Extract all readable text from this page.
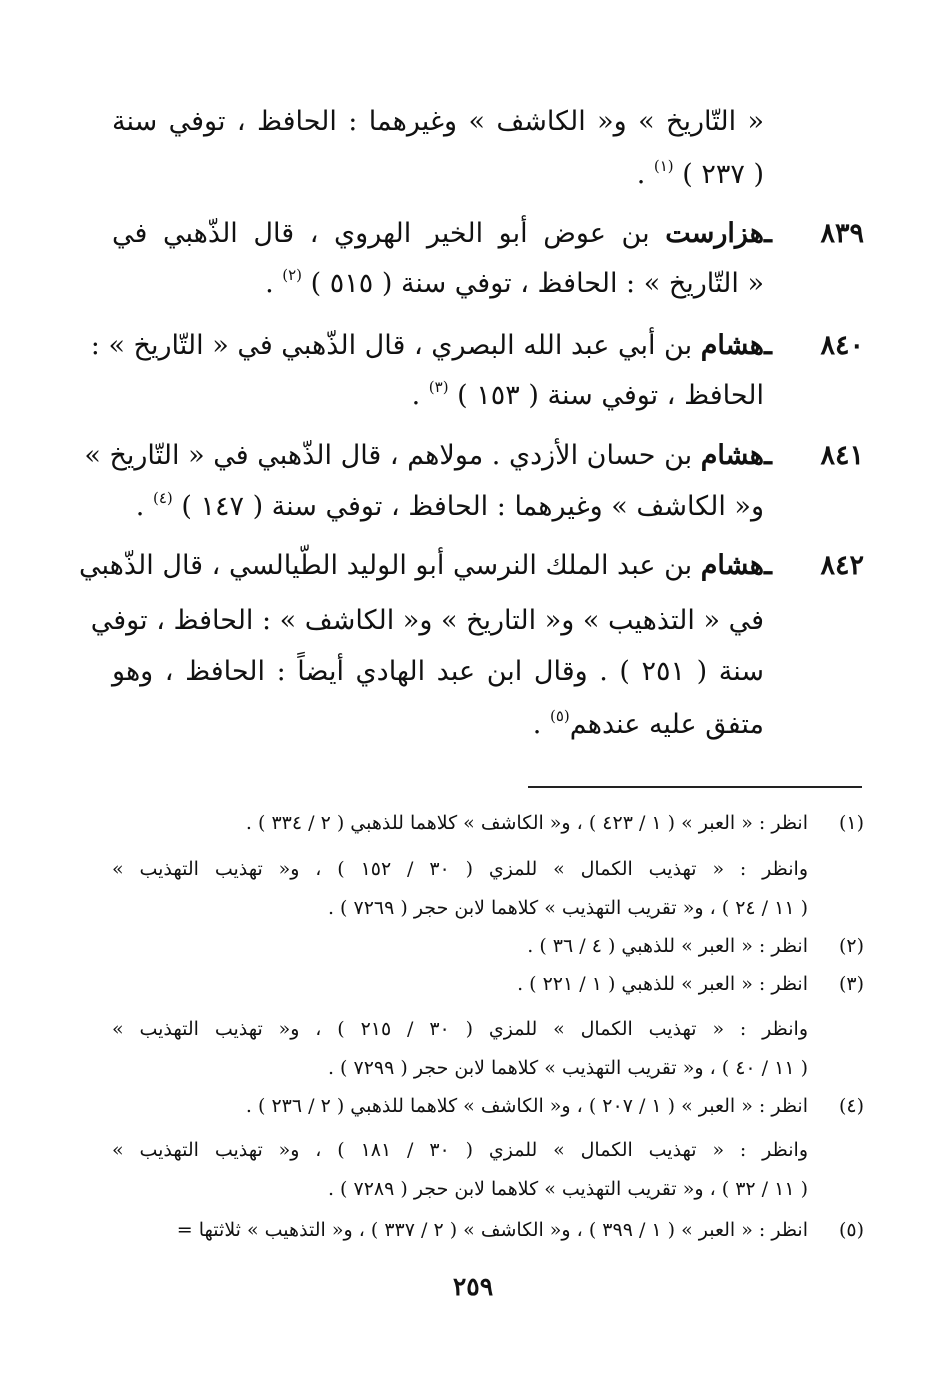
« التّاريخ » و« الكاشف » وغيرهما : الحافظ ، توفي سنة
( ٢٣٧ ) $^{(١)}$ .
٨٣٩ ـهزارست بن عوض أبو الخير الهروي ، قال الذّهبي في
« التّاريخ » : الحافظ ، توفي سنة ( ٥١٥ ) $^{(٢)}$ .
٨٤٠ ـهشام بن أبي عبد الله البصري ، قال الذّهبي في « التّاريخ » :
الحافظ ، توفي سنة ( ١٥٣ ) $^{(٣)}$ .
٨٤١ ـهشام بن حسان الأزدي . مولاهم ، قال الذّهبي في « التّاريخ »
و« الكاشف » وغيرهما : الحافظ ، توفي سنة ( ١٤٧ ) $^{(٤)}$ .
٨٤٢ ـهشام بن عبد الملك النرسي أبو الوليد الطّيالسي ، قال الذّهبي
في « التذهيب » و« التاريخ » و« الكاشف » : الحافظ ، توفي
سنة ( ٢٥١ ) . وقال ابن عبد الهادي أيضاً : الحافظ ، وهو
متفق عليه عندهم$^{(٥)}$ .
(١)انظر : « العبر » ( ١ / ٤٢٣ ) ، و« الكاشف » كلاهما للذهبي ( ٢ / ٣٣٤ ) .
وانظر : « تهذيب الكمال » للمزي ( ٣٠ / ١٥٢ ) ، و« تهذيب التهذيب »
( ١١ / ٢٤ ) ، و« تقريب التهذيب » كلاهما لابن حجر ( ٧٢٦٩ ) .
(٢)انظر : « العبر » للذهبي ( ٤ / ٣٦ ) .
(٣)انظر : « العبر » للذهبي ( ١ / ٢٢١ ) .
وانظر : « تهذيب الكمال » للمزي ( ٣٠ / ٢١٥ ) ، و« تهذيب التهذيب »
( ١١ / ٤٠ ) ، و« تقريب التهذيب » كلاهما لابن حجر ( ٧٢٩٩ ) .
(٤)انظر : « العبر » ( ١ / ٢٠٧ ) ، و« الكاشف » كلاهما للذهبي ( ٢ / ٢٣٦ ) .
وانظر : « تهذيب الكمال » للمزي ( ٣٠ / ١٨١ ) ، و« تهذيب التهذيب »
( ١١ / ٣٢ ) ، و« تقريب التهذيب » كلاهما لابن حجر ( ٧٢٨٩ ) .
(٥)انظر : « العبر » ( ١ / ٣٩٩ ) ، و« الكاشف » ( ٢ / ٣٣٧ ) ، و« التذهيب » ثلاثتها =
٢٥٩
